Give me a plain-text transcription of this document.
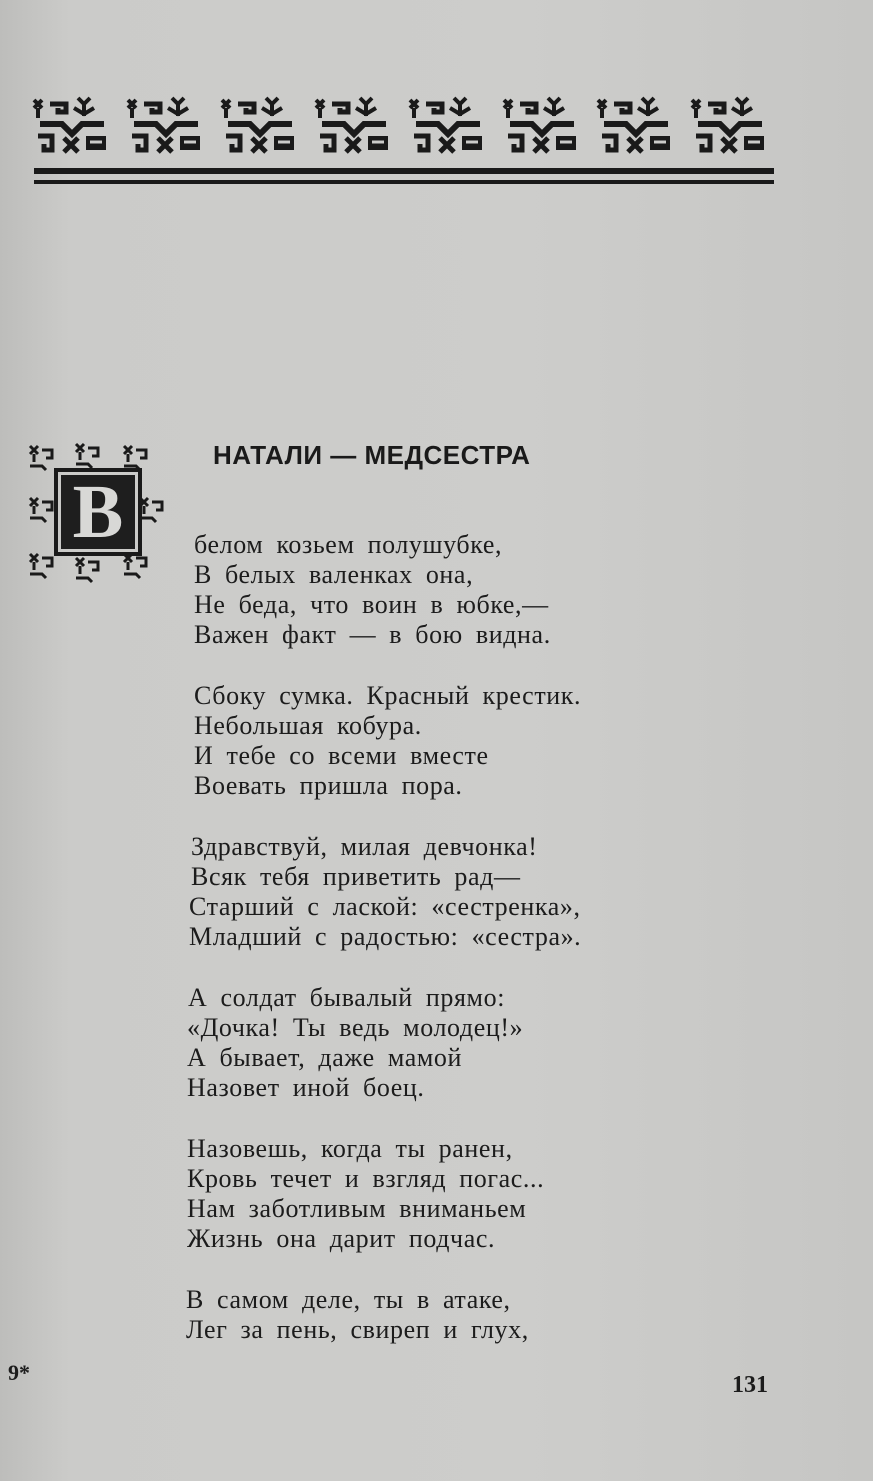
В
НАТАЛИ — МЕДСЕСТРА
белом козьем полушубке,
В белых валенках она,
Не беда, что воин в юбке,—
Важен факт — в бою видна.
Сбоку сумка. Красный крестик.
Небольшая кобура.
И тебе со всеми вместе
Воевать пришла пора.
Здравствуй, милая девчонка!
Всяк тебя приветить рад—
Старший с лаской: «сестренка»,
Младший с радостью: «сестра».
А солдат бывалый прямо:
«Дочка! Ты ведь молодец!»
А бывает, даже мамой
Назовет иной боец.
Назовешь, когда ты ранен,
Кровь течет и взгляд погас...
Нам заботливым вниманьем
Жизнь она дарит подчас.
В самом деле, ты в атаке,
Лег за пень, свиреп и глух,
9*	131
